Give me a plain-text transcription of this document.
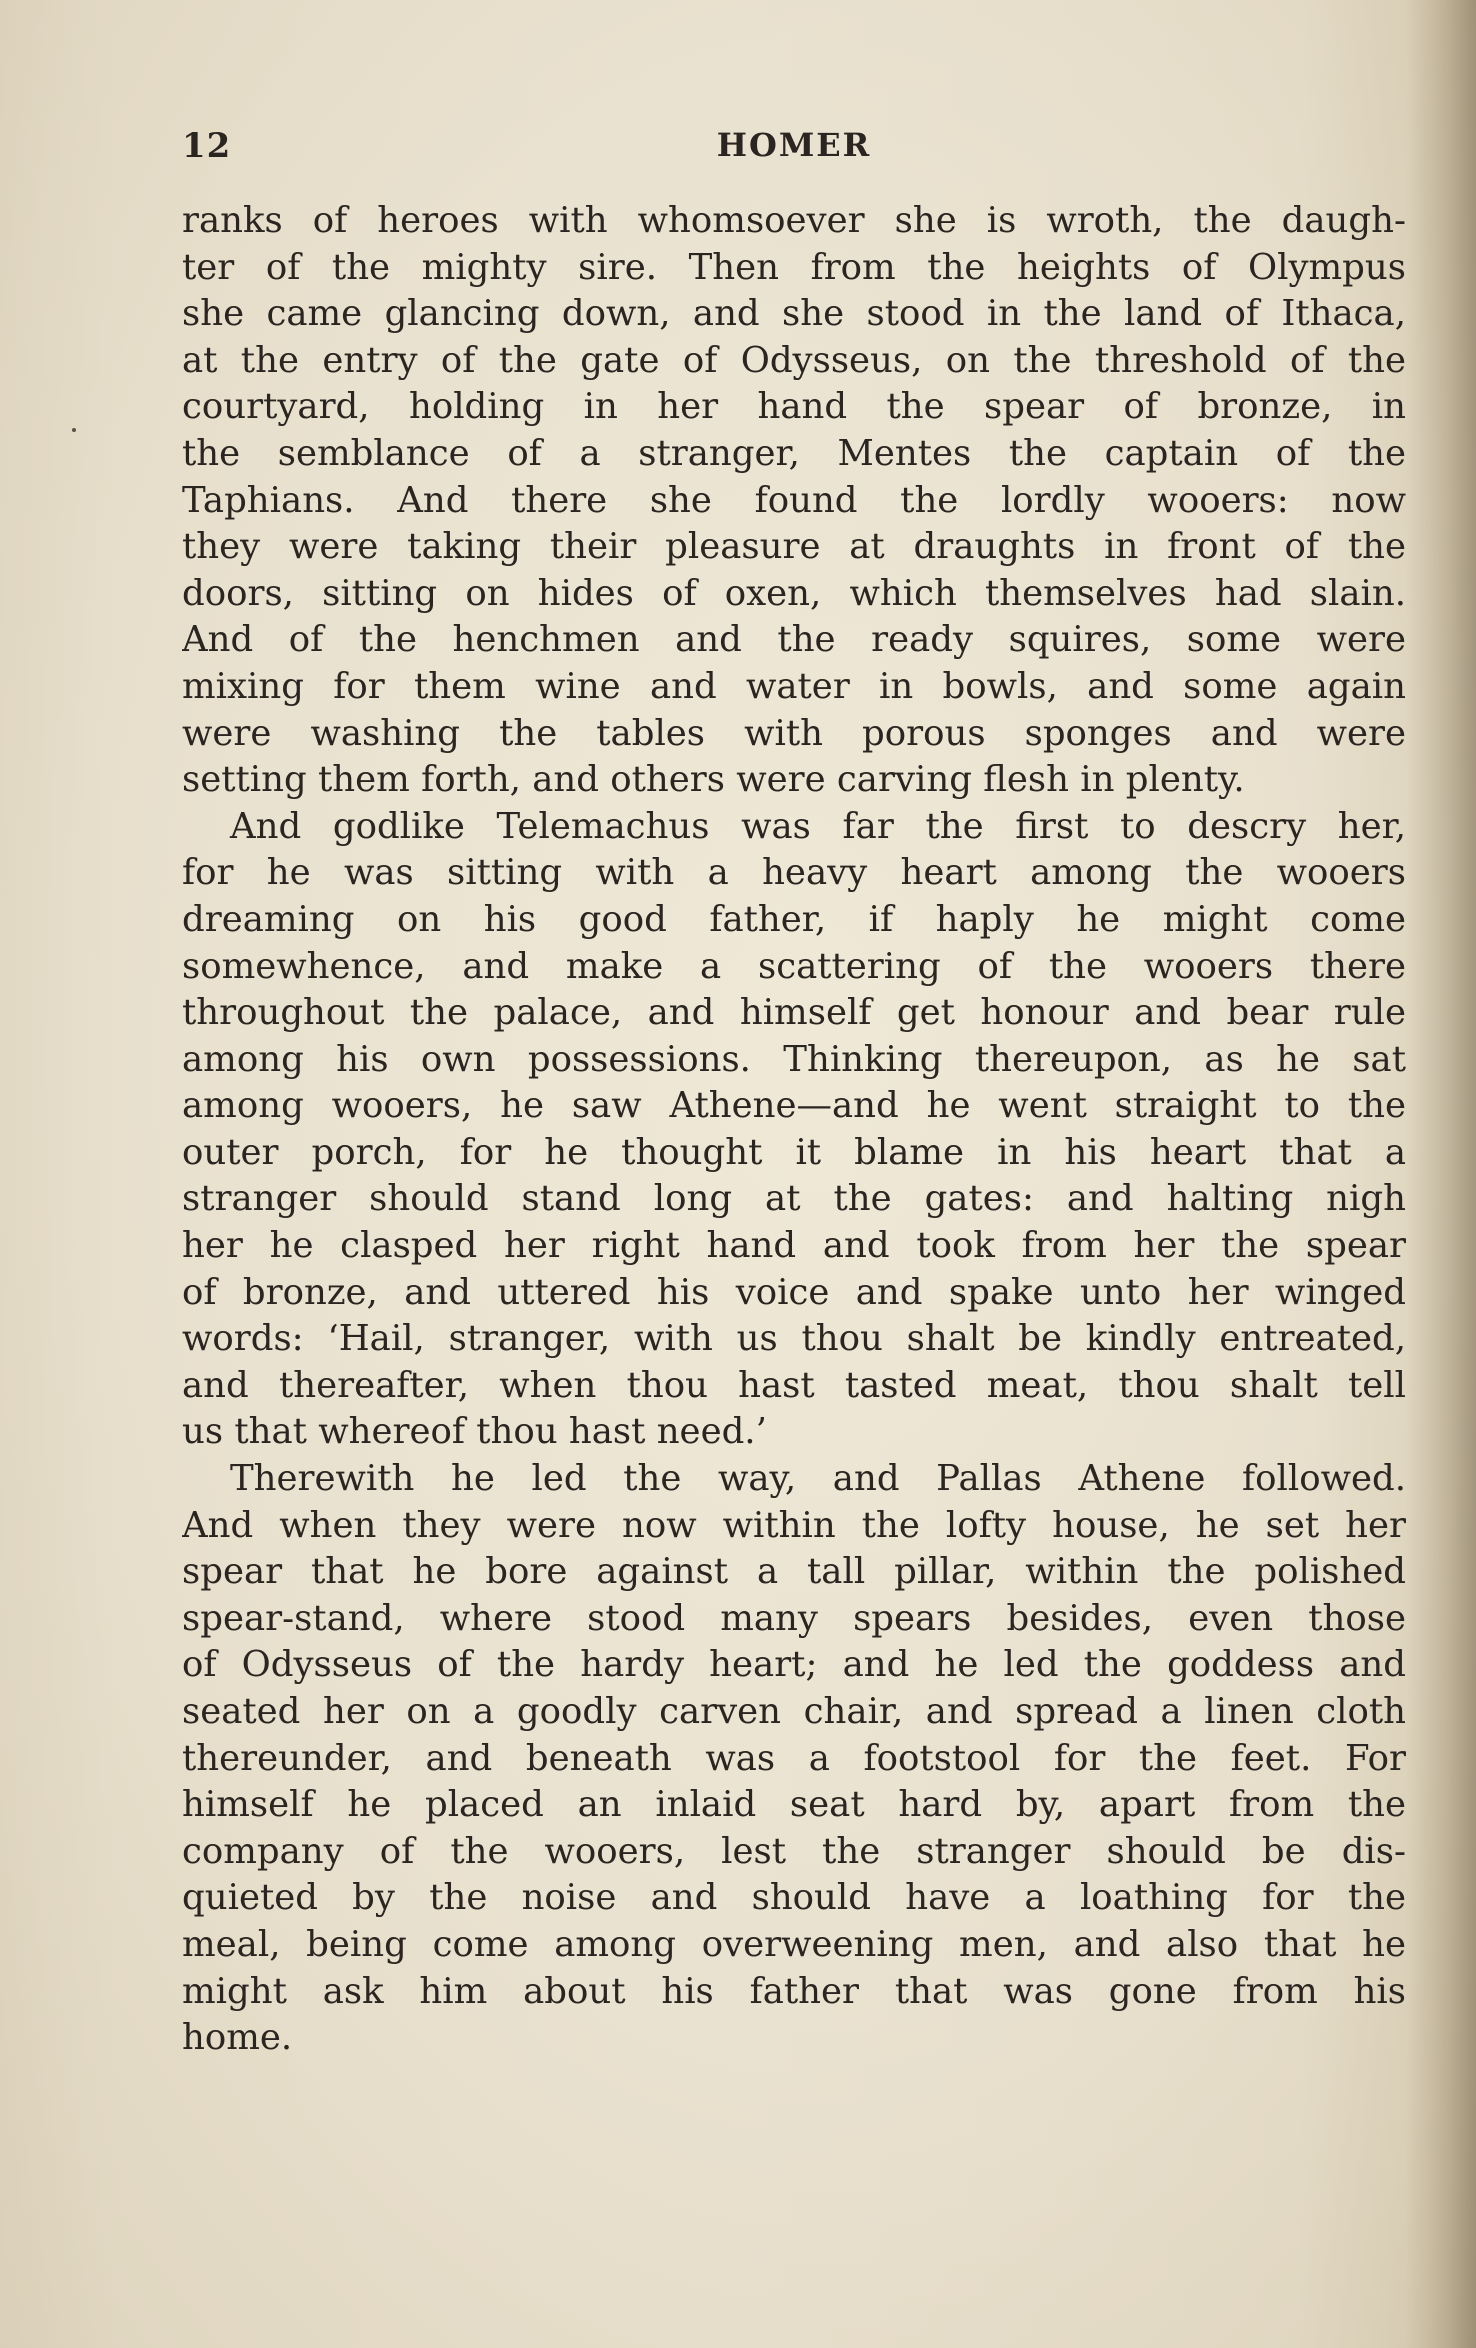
12	HOMER
ranks of heroes with whomsoever she is wroth, the daugh-
ter of the mighty sire. Then from the heights of Olympus
she came glancing down, and she stood in the land of Ithaca,
at the entry of the gate of Odysseus, on the threshold of the
courtyard, holding in her hand the spear of bronze, in
the semblance of a stranger, Mentes the captain of the
Taphians. And there she found the lordly wooers: now
they were taking their pleasure at draughts in front of the
doors, sitting on hides of oxen, which themselves had slain.
And of the henchmen and the ready squires, some were
mixing for them wine and water in bowls, and some again
were washing the tables with porous sponges and were
setting them forth, and others were carving flesh in plenty.
And godlike Telemachus was far the first to descry her,
for he was sitting with a heavy heart among the wooers
dreaming on his good father, if haply he might come
somewhence, and make a scattering of the wooers there
throughout the palace, and himself get honour and bear rule
among his own possessions. Thinking thereupon, as he sat
among wooers, he saw Athene—and he went straight to the
outer porch, for he thought it blame in his heart that a
stranger should stand long at the gates: and halting nigh
her he clasped her right hand and took from her the spear
of bronze, and uttered his voice and spake unto her winged
words: ‘Hail, stranger, with us thou shalt be kindly entreated,
and thereafter, when thou hast tasted meat, thou shalt tell
us that whereof thou hast need.’
Therewith he led the way, and Pallas Athene followed.
And when they were now within the lofty house, he set her
spear that he bore against a tall pillar, within the polished
spear-stand, where stood many spears besides, even those
of Odysseus of the hardy heart; and he led the goddess and
seated her on a goodly carven chair, and spread a linen cloth
thereunder, and beneath was a footstool for the feet. For
himself he placed an inlaid seat hard by, apart from the
company of the wooers, lest the stranger should be dis-
quieted by the noise and should have a loathing for the
meal, being come among overweening men, and also that he
might ask him about his father that was gone from his
home.
